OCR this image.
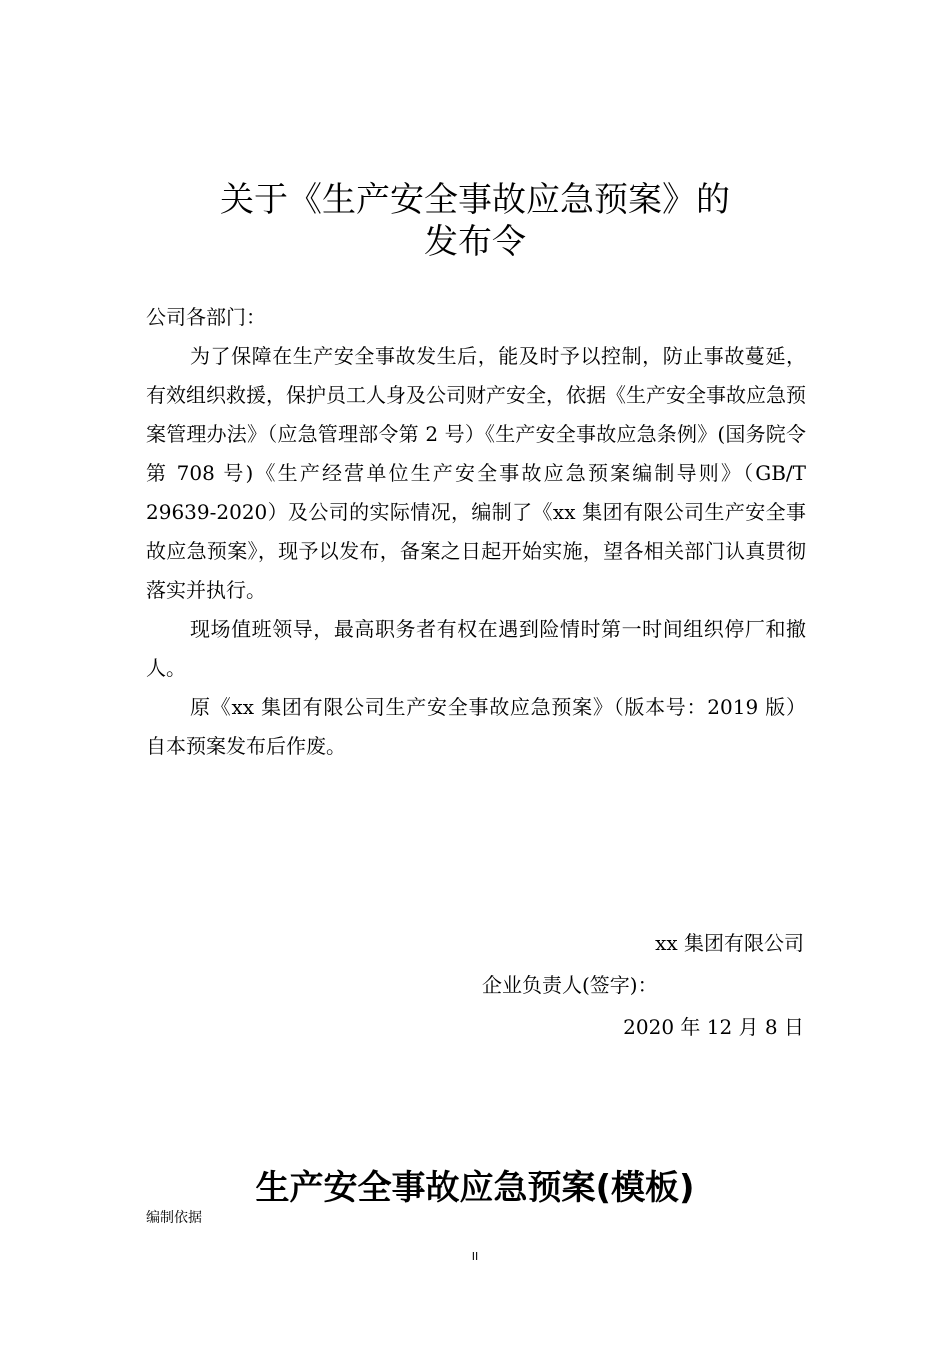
关于《生产安全事故应急预案》的
发布令
公司各部门：
为了保障在生产安全事故发生后，能及时予以控制，防止事故蔓延，有效组织救援，保护员工人身及公司财产安全，依据《生产安全事故应急预案管理办法》（应急管理部令第 2 号）《生产安全事故应急条例》(国务院令第 708 号)《生产经营单位生产安全事故应急预案编制导则》（GB/T 29639-2020）及公司的实际情况，编制了《xx 集团有限公司生产安全事故应急预案》，现予以发布，备案之日起开始实施，望各相关部门认真贯彻落实并执行。
现场值班领导，最高职务者有权在遇到险情时第一时间组织停厂和撤人。
原《xx 集团有限公司生产安全事故应急预案》（版本号：2019 版）自本预案发布后作废。
xx 集团有限公司
企业负责人(签字)：
2020 年 12 月 8 日
生产安全事故应急预案(模板)
编制依据
II
